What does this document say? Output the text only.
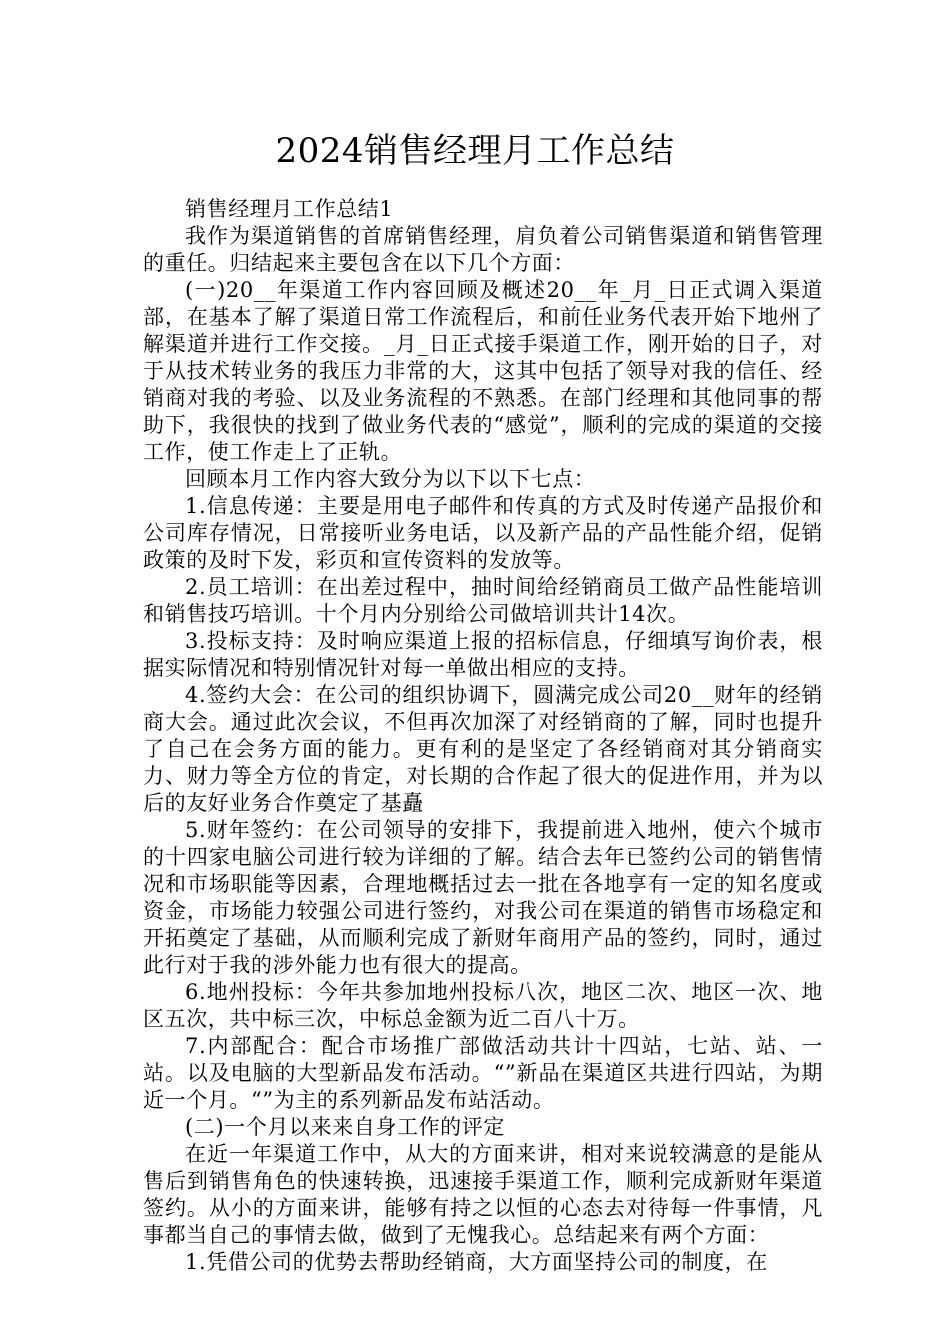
2024销售经理月工作总结

销售经理月工作总结1

我作为渠道销售的首席销售经理，肩负着公司销售渠道和销售管理的重任。归结起来主要包含在以下几个方面：

(一)20__年渠道工作内容回顾及概述20__年_月_日正式调入渠道部，在基本了解了渠道日常工作流程后，和前任业务代表开始下地州了解渠道并进行工作交接。_月_日正式接手渠道工作，刚开始的日子，对于从技术转业务的我压力非常的大，这其中包括了领导对我的信任、经销商对我的考验、以及业务流程的不熟悉。在部门经理和其他同事的帮助下，我很快的找到了做业务代表的“感觉”，顺利的完成的渠道的交接工作，使工作走上了正轨。

回顾本月工作内容大致分为以下以下七点：

1.信息传递：主要是用电子邮件和传真的方式及时传递产品报价和公司库存情况，日常接听业务电话，以及新产品的产品性能介绍，促销政策的及时下发，彩页和宣传资料的发放等。

2.员工培训：在出差过程中，抽时间给经销商员工做产品性能培训和销售技巧培训。十个月内分别给公司做培训共计14次。

3.投标支持：及时响应渠道上报的招标信息，仔细填写询价表，根据实际情况和特别情况针对每一单做出相应的支持。

4.签约大会：在公司的组织协调下，圆满完成公司20__财年的经销商大会。通过此次会议，不但再次加深了对经销商的了解，同时也提升了自己在会务方面的能力。更有利的是坚定了各经销商对其分销商实力、财力等全方位的肯定，对长期的合作起了很大的促进作用，并为以后的友好业务合作奠定了基矗

5.财年签约：在公司领导的安排下，我提前进入地州，使六个城市的十四家电脑公司进行较为详细的了解。结合去年已签约公司的销售情况和市场职能等因素，合理地概括过去一批在各地享有一定的知名度或资金，市场能力较强公司进行签约，对我公司在渠道的销售市场稳定和开拓奠定了基础，从而顺利完成了新财年商用产品的签约，同时，通过此行对于我的涉外能力也有很大的提高。

6.地州投标：今年共参加地州投标八次，地区二次、地区一次、地区五次，共中标三次，中标总金额为近二百八十万。

7.内部配合：配合市场推广部做活动共计十四站，七站、站、一站。以及电脑的大型新品发布活动。“”新品在渠道区共进行四站，为期近一个月。“”为主的系列新品发布站活动。

(二)一个月以来来自身工作的评定

在近一年渠道工作中，从大的方面来讲，相对来说较满意的是能从售后到销售角色的快速转换，迅速接手渠道工作，顺利完成新财年渠道签约。从小的方面来讲，能够有持之以恒的心态去对待每一件事情，凡事都当自己的事情去做，做到了无愧我心。总结起来有两个方面：

1.凭借公司的优势去帮助经销商，大方面坚持公司的制度，在
